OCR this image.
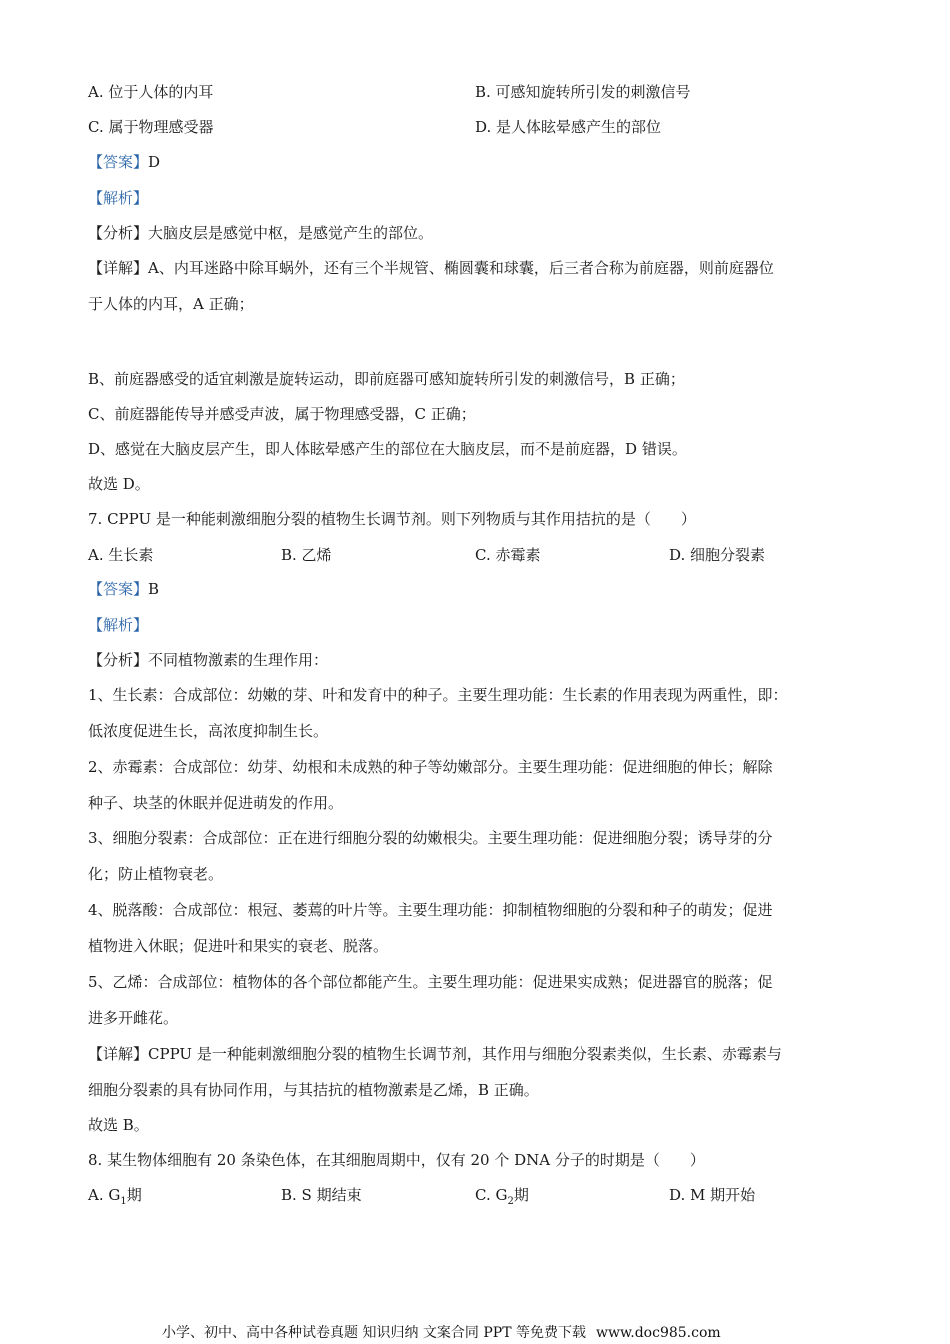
A. 位于人体的内耳	B. 可感知旋转所引发的刺激信号
C. 属于物理感受器	D. 是人体眩晕感产生的部位
【答案】D
【解析】
【分析】大脑皮层是感觉中枢，是感觉产生的部位。
【详解】A、内耳迷路中除耳蜗外，还有三个半规管、椭圆囊和球囊，后三者合称为前庭器，则前庭器位
于人体的内耳，A 正确；
B、前庭器感受的适宜刺激是旋转运动，即前庭器可感知旋转所引发的刺激信号，B 正确；
C、前庭器能传导并感受声波，属于物理感受器，C 正确；
D、感觉在大脑皮层产生，即人体眩晕感产生的部位在大脑皮层，而不是前庭器，D 错误。
故选 D。
7. CPPU 是一种能刺激细胞分裂的植物生长调节剂。则下列物质与其作用拮抗的是（　　）
A. 生长素	B. 乙烯	C. 赤霉素	D. 细胞分裂素
【答案】B
【解析】
【分析】不同植物激素的生理作用：
1、生长素：合成部位：幼嫩的芽、叶和发育中的种子。主要生理功能：生长素的作用表现为两重性，即：
低浓度促进生长，高浓度抑制生长。
2、赤霉素：合成部位：幼芽、幼根和未成熟的种子等幼嫩部分。主要生理功能：促进细胞的伸长；解除
种子、块茎的休眠并促进萌发的作用。
3、细胞分裂素：合成部位：正在进行细胞分裂的幼嫩根尖。主要生理功能：促进细胞分裂；诱导芽的分
化；防止植物衰老。
4、脱落酸：合成部位：根冠、萎蔫的叶片等。主要生理功能：抑制植物细胞的分裂和种子的萌发；促进
植物进入休眠；促进叶和果实的衰老、脱落。
5、乙烯：合成部位：植物体的各个部位都能产生。主要生理功能：促进果实成熟；促进器官的脱落；促
进多开雌花。
【详解】CPPU 是一种能刺激细胞分裂的植物生长调节剂，其作用与细胞分裂素类似，生长素、赤霉素与
细胞分裂素的具有协同作用，与其拮抗的植物激素是乙烯，B 正确。
故选 B。
8. 某生物体细胞有 20 条染色体，在其细胞周期中，仅有 20 个 DNA 分子的时期是（　　）
A. $G_1$期	B. S 期结束	C. $G_2$期	D. M 期开始
小学、初中、高中各种试卷真题 知识归纳 文案合同 PPT 等免费下载 www.doc985.com
